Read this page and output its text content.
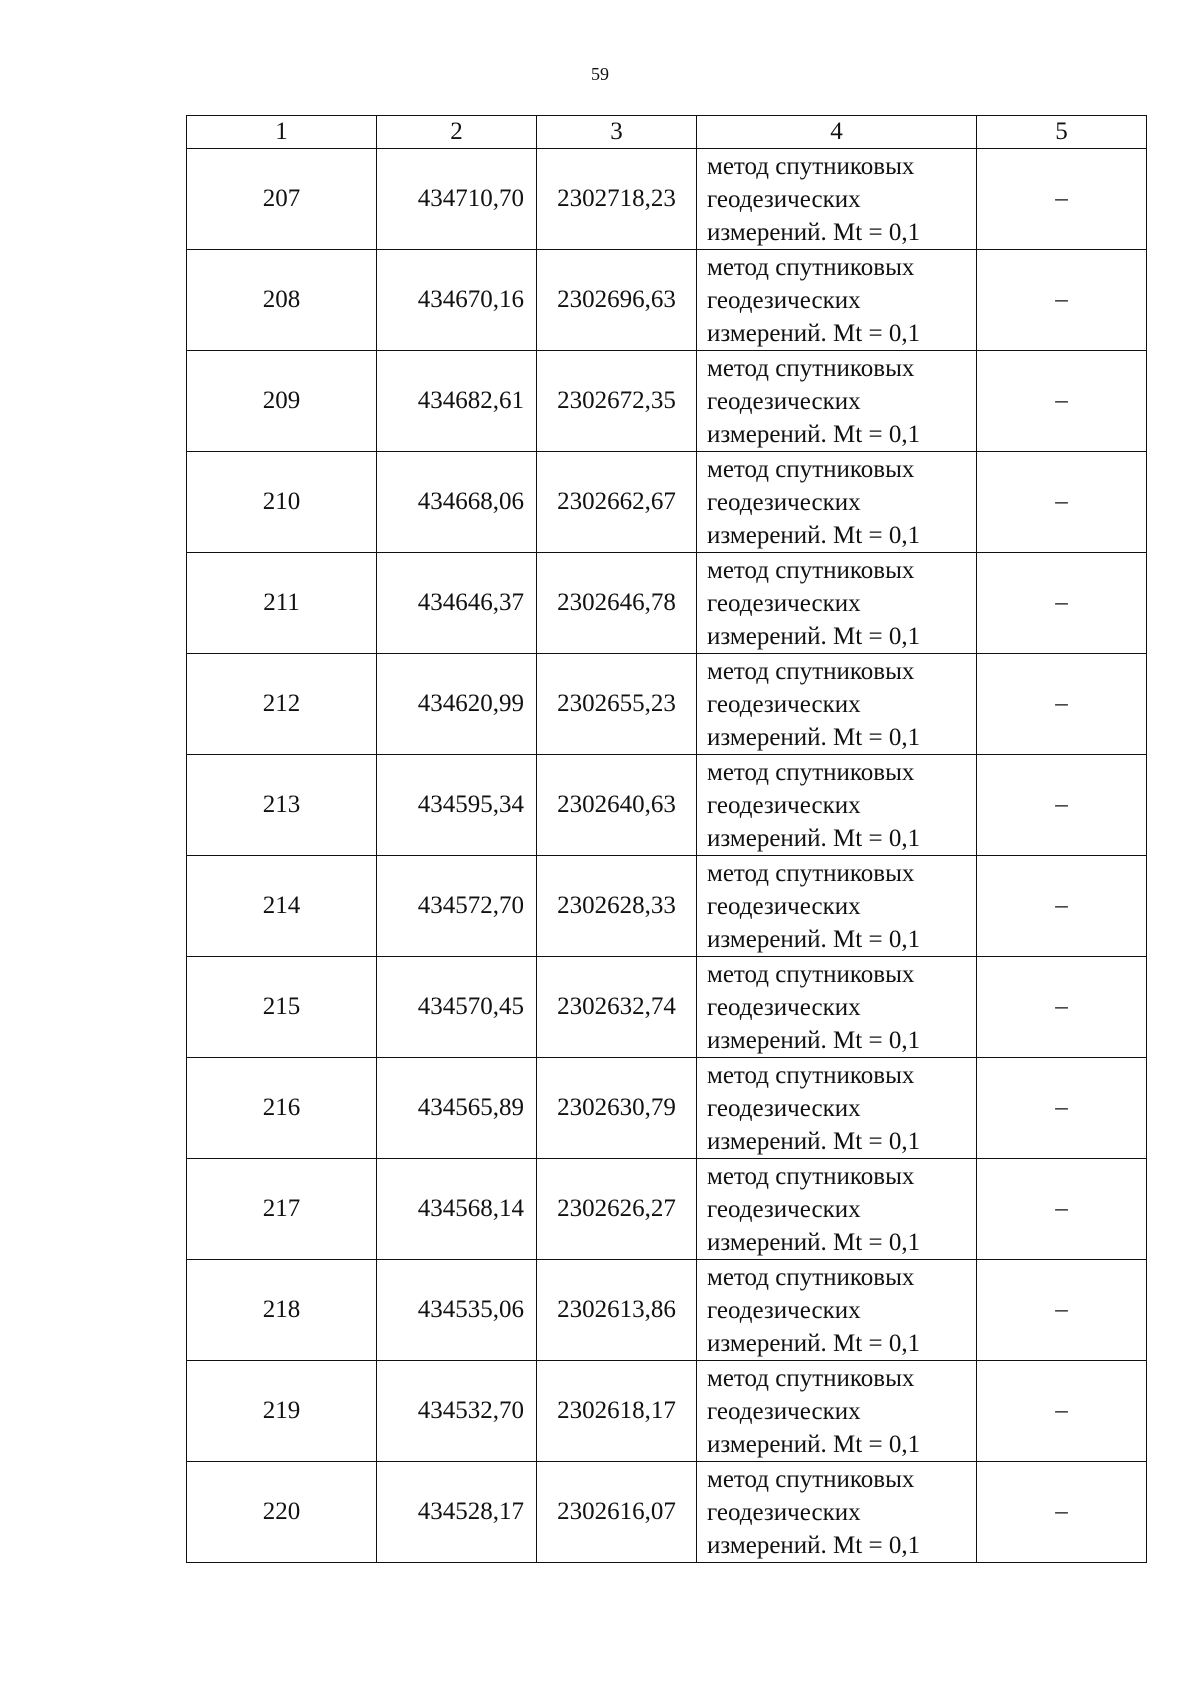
59
1	2	3	4	5
207	434710,70	2302718,23	метод спутниковых
геодезических
измерений. Mt = 0,1	–
208	434670,16	2302696,63	метод спутниковых
геодезических
измерений. Mt = 0,1	–
209	434682,61	2302672,35	метод спутниковых
геодезических
измерений. Mt = 0,1	–
210	434668,06	2302662,67	метод спутниковых
геодезических
измерений. Mt = 0,1	–
211	434646,37	2302646,78	метод спутниковых
геодезических
измерений. Mt = 0,1	–
212	434620,99	2302655,23	метод спутниковых
геодезических
измерений. Mt = 0,1	–
213	434595,34	2302640,63	метод спутниковых
геодезических
измерений. Mt = 0,1	–
214	434572,70	2302628,33	метод спутниковых
геодезических
измерений. Mt = 0,1	–
215	434570,45	2302632,74	метод спутниковых
геодезических
измерений. Mt = 0,1	–
216	434565,89	2302630,79	метод спутниковых
геодезических
измерений. Mt = 0,1	–
217	434568,14	2302626,27	метод спутниковых
геодезических
измерений. Mt = 0,1	–
218	434535,06	2302613,86	метод спутниковых
геодезических
измерений. Mt = 0,1	–
219	434532,70	2302618,17	метод спутниковых
геодезических
измерений. Mt = 0,1	–
220	434528,17	2302616,07	метод спутниковых
геодезических
измерений. Mt = 0,1	–
